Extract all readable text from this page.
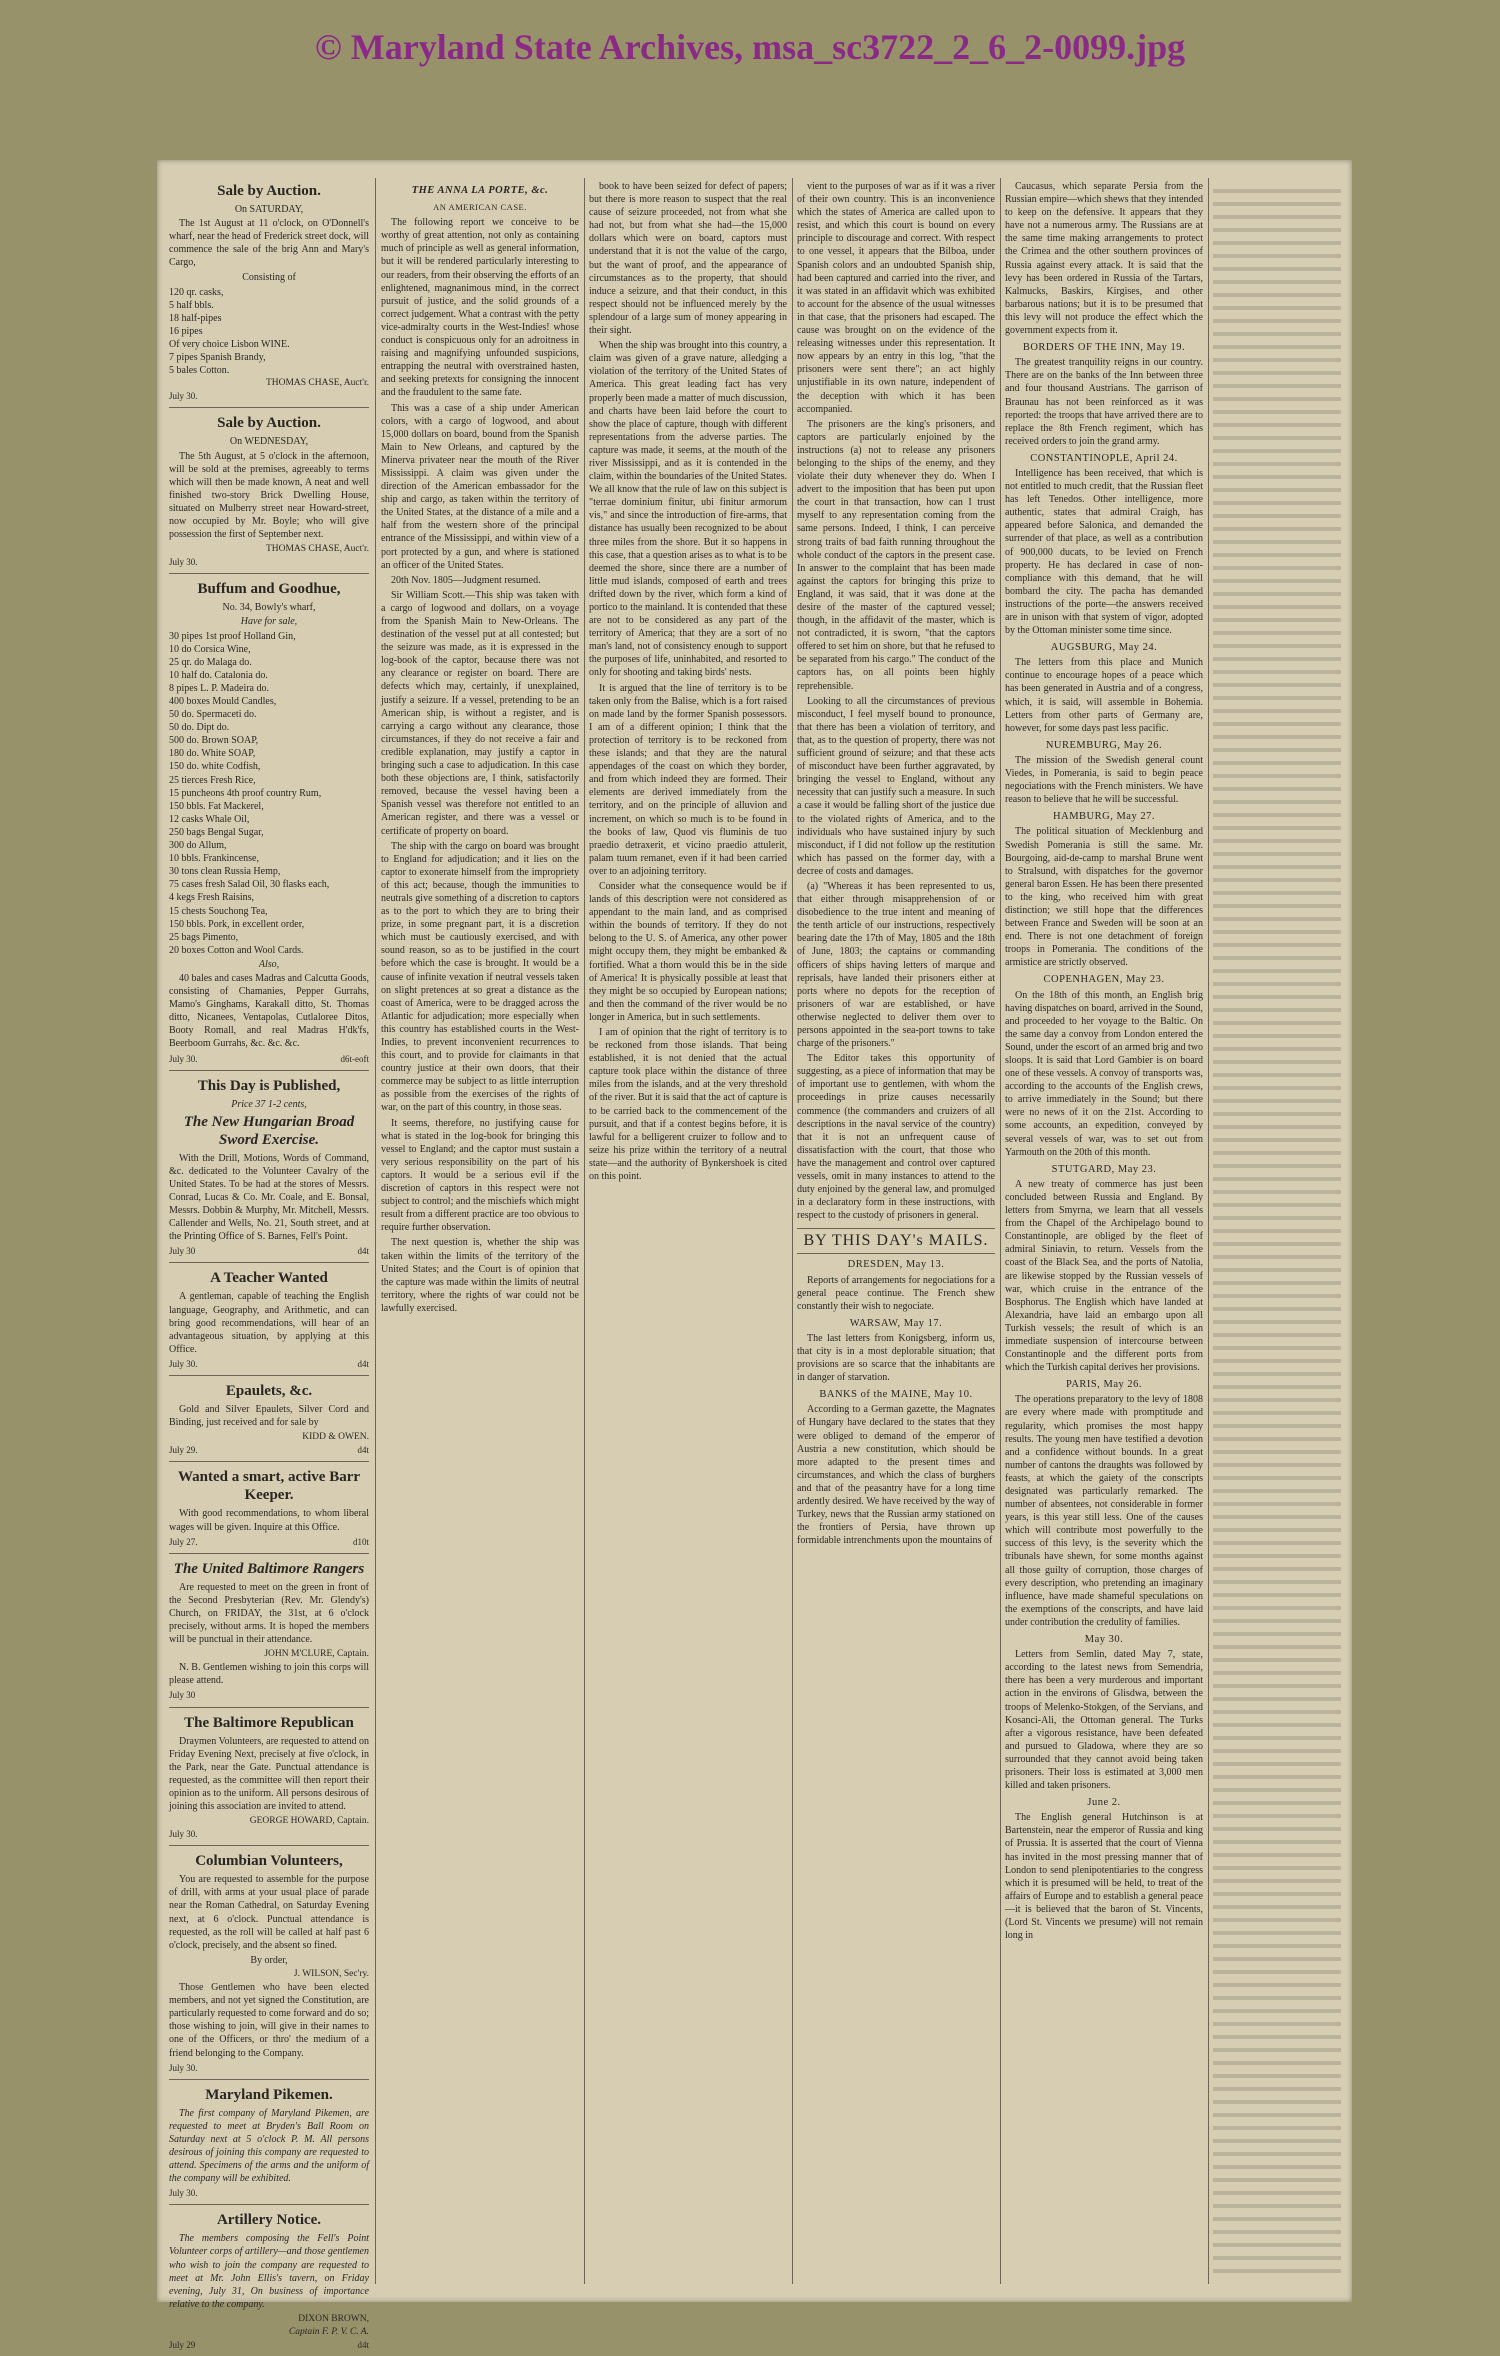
© Maryland State Archives, msa_sc3722_2_6_2-0099.jpg
Sale by Auction.
On SATURDAY,

The 1st August at 11 o'clock, on O'Donnell's wharf, near the head of Frederick street dock, will commence the sale of the brig Ann and Mary's Cargo,

Consisting of
120 qr. casks,
5 half bbls.
18 half-pipes
16 pipes
Of very choice Lisbon WINE.
7 pipes Spanish Brandy,
5 bales Cotton.
THOMAS CHASE, Auct'r.
July 30.
Sale by Auction.
On WEDNESDAY,

The 5th August, at 5 o'clock in the afternoon, will be sold at the premises, agreeably to terms which will then be made known, A neat and well finished two-story Brick Dwelling House, situated on Mulberry street near Howard-street, now occupied by Mr. Boyle; who will give possession the first of September next.

THOMAS CHASE, Auct'r.
July 30.
Buffum and Goodhue,
No. 34, Bowly's wharf,
Have for sale,
30 pipes 1st proof Holland Gin,
10 do Corsica Wine,
25 qr. do Malaga do.
10 half do. Catalonia do.
8 pipes L. P. Madeira do.
400 boxes Mould Candles,
50 do. Spermaceti do.
50 do. Dipt do.
500 do. Brown SOAP,
180 do. White SOAP,
150 do. white Codfish,
25 tierces Fresh Rice,
15 puncheons 4th proof country Rum,
150 bbls. Fat Mackerel,
12 casks Whale Oil,
250 bags Bengal Sugar,
300 do Allum,
10 bbls. Frankincense,
30 tons clean Russia Hemp,
75 cases fresh Salad Oil, 30 flasks each,
4 kegs Fresh Raisins,
15 chests Souchong Tea,
150 bbls. Pork, in excellent order,
25 bags Pimento,
20 boxes Cotton and Wool Cards.
Also,

40 bales and cases Madras and Calcutta Goods, consisting of Chamanies, Pepper Gurrahs, Mamo's Ginghams, Karakall ditto, St. Thomas ditto, Nicanees, Ventapolas, Cutlaloree Ditos, Booty Romall, and real Madras H'dk'fs, Beerboom Gurrahs, &c. &c. &c.

July 30.	d6t-eoft
This Day is Published,
Price 37 1-2 cents,
The New Hungarian Broad Sword Exercise.

With the Drill, Motions, Words of Command, &c. dedicated to the Volunteer Cavalry of the United States. To be had at the stores of Messrs. Conrad, Lucas & Co. Mr. Coale, and E. Bonsal, Messrs. Dobbin & Murphy, Mr. Mitchell, Messrs. Callender and Wells, No. 21, South street, and at the Printing Office of S. Barnes, Fell's Point.

July 30	d4t
A Teacher Wanted

A gentleman, capable of teaching the English language, Geography, and Arithmetic, and can bring good recommendations, will hear of an advantageous situation, by applying at this Office.

July 30.	d4t
Epaulets, &c.

Gold and Silver Epaulets, Silver Cord and Binding, just received and for sale by

KIDD & OWEN.
July 29.	d4t
Wanted a smart, active Barr Keeper.

With good recommendations, to whom liberal wages will be given. Inquire at this Office.

July 27.	d10t
The United Baltimore Rangers

Are requested to meet on the green in front of the Second Presbyterian (Rev. Mr. Glendy's) Church, on FRIDAY, the 31st, at 6 o'clock precisely, without arms. It is hoped the members will be punctual in their attendance.

JOHN M'CLURE, Captain.

N. B. Gentlemen wishing to join this corps will please attend.

July 30
The Baltimore Republican

Draymen Volunteers, are requested to attend on Friday Evening Next, precisely at five o'clock, in the Park, near the Gate. Punctual attendance is requested, as the committee will then report their opinion as to the uniform. All persons desirous of joining this association are invited to attend.

GEORGE HOWARD, Captain.
July 30.
Columbian Volunteers,

You are requested to assemble for the purpose of drill, with arms at your usual place of parade near the Roman Cathedral, on Saturday Evening next, at 6 o'clock. Punctual attendance is requested, as the roll will be called at half past 6 o'clock, precisely, and the absent so fined.

By order,
J. WILSON, Sec'ry.

Those Gentlemen who have been elected members, and not yet signed the Constitution, are particularly requested to come forward and do so; those wishing to join, will give in their names to one of the Officers, or thro' the medium of a friend belonging to the Company.

July 30.
Maryland Pikemen.

The first company of Maryland Pikemen, are requested to meet at Bryden's Ball Room on Saturday next at 5 o'clock P. M. All persons desirous of joining this company are requested to attend. Specimens of the arms and the uniform of the company will be exhibited.

July 30.
Artillery Notice.

The members composing the Fell's Point Volunteer corps of artillery—and those gentlemen who wish to join the company are requested to meet at Mr. John Ellis's tavern, on Friday evening, July 31, On business of importance relative to the company.

DIXON BROWN,
Captain F. P. V. C. A.
July 29	d4t
THE ANNA LA PORTE, &c.
AN AMERICAN CASE.

The following report we conceive to be worthy of great attention, not only as containing much of principle as well as general information, but it will be rendered particularly interesting to our readers, from their observing the efforts of an enlightened, magnanimous mind, in the correct pursuit of justice, and the solid grounds of a correct judgement. What a contrast with the petty vice-admiralty courts in the West-Indies! whose conduct is conspicuous only for an adroitness in raising and magnifying unfounded suspicions, entrapping the neutral with overstrained hasten, and seeking pretexts for consigning the innocent and the fraudulent to the same fate.

This was a case of a ship under American colors, with a cargo of logwood, and about 15,000 dollars on board, bound from the Spanish Main to New Orleans, and captured by the Minerva privateer near the mouth of the River Mississippi. A claim was given under the direction of the American embassador for the ship and cargo, as taken within the territory of the United States, at the distance of a mile and a half from the western shore of the principal entrance of the Mississippi, and within view of a port protected by a gun, and where is stationed an officer of the United States.

20th Nov. 1805—Judgment resumed.

Sir William Scott.—This ship was taken with a cargo of logwood and dollars, on a voyage from the Spanish Main to New-Orleans. The destination of the vessel put at all contested; but the seizure was made, as it is expressed in the log-book of the captor, because there was not any clearance or register on board. There are defects which may, certainly, if unexplained, justify a seizure. If a vessel, pretending to be an American ship, is without a register, and is carrying a cargo without any clearance, those circumstances, if they do not receive a fair and credible explanation, may justify a captor in bringing such a case to adjudication. In this case both these objections are, I think, satisfactorily removed, because the vessel having been a Spanish vessel was therefore not entitled to an American register, and there was a vessel or certificate of property on board.

The ship with the cargo on board was brought to England for adjudication; and it lies on the captor to exonerate himself from the impropriety of this act; because, though the immunities to neutrals give something of a discretion to captors as to the port to which they are to bring their prize, in some pregnant part, it is a discretion which must be cautiously exercised, and with sound reason, so as to be justified in the court before which the case is brought. It would be a cause of infinite vexation if neutral vessels taken on slight pretences at so great a distance as the coast of America, were to be dragged across the Atlantic for adjudication; more especially when this country has established courts in the West-Indies, to prevent inconvenient recurrences to this court, and to provide for claimants in that country justice at their own doors, that their commerce may be subject to as little interruption as possible from the exercises of the rights of war, on the part of this country, in those seas.

It seems, therefore, no justifying cause for what is stated in the log-book for bringing this vessel to England; and the captor must sustain a very serious responsibility on the part of his captors. It would be a serious evil if the discretion of captors in this respect were not subject to control; and the mischiefs which might result from a different practice are too obvious to require further observation.

The next question is, whether the ship was taken within the limits of the territory of the United States; and the Court is of opinion that the capture was made within the limits of neutral territory, where the rights of war could not be lawfully exercised.

book to have been seized for defect of papers; but there is more reason to suspect that the real cause of seizure proceeded, not from what she had not, but from what she had—the 15,000 dollars which were on board, captors must understand that it is not the value of the cargo, but the want of proof, and the appearance of circumstances as to the property, that should induce a seizure, and that their conduct, in this respect should not be influenced merely by the splendour of a large sum of money appearing in their sight.

When the ship was brought into this country, a claim was given of a grave nature, alledging a violation of the territory of the United States of America. This great leading fact has very properly been made a matter of much discussion, and charts have been laid before the court to show the place of capture, though with different representations from the adverse parties. The capture was made, it seems, at the mouth of the river Mississippi, and as it is contended in the claim, within the boundaries of the United States. We all know that the rule of law on this subject is "terrae dominium finitur, ubi finitur armorum vis," and since the introduction of fire-arms, that distance has usually been recognized to be about three miles from the shore. But it so happens in this case, that a question arises as to what is to be deemed the shore, since there are a number of little mud islands, composed of earth and trees drifted down by the river, which form a kind of portico to the mainland. It is contended that these are not to be considered as any part of the territory of America; that they are a sort of no man's land, not of consistency enough to support the purposes of life, uninhabited, and resorted to only for shooting and taking birds' nests.

It is argued that the line of territory is to be taken only from the Balise, which is a fort raised on made land by the former Spanish possessors. I am of a different opinion; I think that the protection of territory is to be reckoned from these islands; and that they are the natural appendages of the coast on which they border, and from which indeed they are formed. Their elements are derived immediately from the territory, and on the principle of alluvion and increment, on which so much is to be found in the books of law, Quod vis fluminis de tuo praedio detraxerit, et vicino praedio attulerit, palam tuum remanet, even if it had been carried over to an adjoining territory.

Consider what the consequence would be if lands of this description were not considered as appendant to the main land, and as comprised within the bounds of territory. If they do not belong to the U. S. of America, any other power might occupy them, they might be embanked & fortified. What a thorn would this be in the side of America! It is physically possible at least that they might be so occupied by European nations; and then the command of the river would be no longer in America, but in such settlements.

I am of opinion that the right of territory is to be reckoned from those islands. That being established, it is not denied that the actual capture took place within the distance of three miles from the islands, and at the very threshold of the river. But it is said that the act of capture is to be carried back to the commencement of the pursuit, and that if a contest begins before, it is lawful for a belligerent cruizer to follow and to seize his prize within the territory of a neutral state—and the authority of Bynkershoek is cited on this point.

vient to the purposes of war as if it was a river of their own country. This is an inconvenience which the states of America are called upon to resist, and which this court is bound on every principle to discourage and correct. With respect to one vessel, it appears that the Bilboa, under Spanish colors and an undoubted Spanish ship, had been captured and carried into the river, and it was stated in an affidavit which was exhibited to account for the absence of the usual witnesses in that case, that the prisoners had escaped. The cause was brought on on the evidence of the releasing witnesses under this representation. It now appears by an entry in this log, "that the prisoners were sent there"; an act highly unjustifiable in its own nature, independent of the deception with which it has been accompanied.

The prisoners are the king's prisoners, and captors are particularly enjoined by the instructions (a) not to release any prisoners belonging to the ships of the enemy, and they violate their duty whenever they do. When I advert to the imposition that has been put upon the court in that transaction, how can I trust myself to any representation coming from the same persons. Indeed, I think, I can perceive strong traits of bad faith running throughout the whole conduct of the captors in the present case. In answer to the complaint that has been made against the captors for bringing this prize to England, it was said, that it was done at the desire of the master of the captured vessel; though, in the affidavit of the master, which is not contradicted, it is sworn, "that the captors offered to set him on shore, but that he refused to be separated from his cargo." The conduct of the captors has, on all points been highly reprehensible.

Looking to all the circumstances of previous misconduct, I feel myself bound to pronounce, that there has been a violation of territory, and that, as to the question of property, there was not sufficient ground of seizure; and that these acts of misconduct have been further aggravated, by bringing the vessel to England, without any necessity that can justify such a measure. In such a case it would be falling short of the justice due to the violated rights of America, and to the individuals who have sustained injury by such misconduct, if I did not follow up the restitution which has passed on the former day, with a decree of costs and damages.

(a) "Whereas it has been represented to us, that either through misapprehension of or disobedience to the true intent and meaning of the tenth article of our instructions, respectively bearing date the 17th of May, 1805 and the 18th of June, 1803; the captains or commanding officers of ships having letters of marque and reprisals, have landed their prisoners either at ports where no depots for the reception of prisoners of war are established, or have otherwise neglected to deliver them over to persons appointed in the sea-port towns to take charge of the prisoners."

The Editor takes this opportunity of suggesting, as a piece of information that may be of important use to gentlemen, with whom the proceedings in prize causes necessarily commence (the commanders and cruizers of all descriptions in the naval service of the country) that it is not an unfrequent cause of dissatisfaction with the court, that those who have the management and control over captured vessels, omit in many instances to attend to the duty enjoined by the general law, and promulged in a declaratory form in these instructions, with respect to the custody of prisoners in general.

BY THIS DAY's MAILS.
DRESDEN, May 13.

Reports of arrangements for negociations for a general peace continue. The French shew constantly their wish to negociate.

WARSAW, May 17.

The last letters from Konigsberg, inform us, that city is in a most deplorable situation; that provisions are so scarce that the inhabitants are in danger of starvation.

BANKS of the MAINE, May 10.

According to a German gazette, the Magnates of Hungary have declared to the states that they were obliged to demand of the emperor of Austria a new constitution, which should be more adapted to the present times and circumstances, and which the class of burghers and that of the peasantry have for a long time ardently desired. We have received by the way of Turkey, news that the Russian army stationed on the frontiers of Persia, have thrown up formidable intrenchments upon the mountains of

Caucasus, which separate Persia from the Russian empire—which shews that they intended to keep on the defensive. It appears that they have not a numerous army. The Russians are at the same time making arrangements to protect the Crimea and the other southern provinces of Russia against every attack. It is said that the levy has been ordered in Russia of the Tartars, Kalmucks, Baskirs, Kirgises, and other barbarous nations; but it is to be presumed that this levy will not produce the effect which the government expects from it.

BORDERS OF THE INN, May 19.

The greatest tranquility reigns in our country. There are on the banks of the Inn between three and four thousand Austrians. The garrison of Braunau has not been reinforced as it was reported: the troops that have arrived there are to replace the 8th French regiment, which has received orders to join the grand army.

CONSTANTINOPLE, April 24.

Intelligence has been received, that which is not entitled to much credit, that the Russian fleet has left Tenedos. Other intelligence, more authentic, states that admiral Craigh, has appeared before Salonica, and demanded the surrender of that place, as well as a contribution of 900,000 ducats, to be levied on French property. He has declared in case of non-compliance with this demand, that he will bombard the city. The pacha has demanded instructions of the porte—the answers received are in unison with that system of vigor, adopted by the Ottoman minister some time since.

AUGSBURG, May 24.

The letters from this place and Munich continue to encourage hopes of a peace which has been generated in Austria and of a congress, which, it is said, will assemble in Bohemia. Letters from other parts of Germany are, however, for some days past less pacific.

NUREMBURG, May 26.

The mission of the Swedish general count Viedes, in Pomerania, is said to begin peace negociations with the French ministers. We have reason to believe that he will be successful.

HAMBURG, May 27.

The political situation of Mecklenburg and Swedish Pomerania is still the same. Mr. Bourgoing, aid-de-camp to marshal Brune went to Stralsund, with dispatches for the governor general baron Essen. He has been there presented to the king, who received him with great distinction; we still hope that the differences between France and Sweden will be soon at an end. There is not one detachment of foreign troops in Pomerania. The conditions of the armistice are strictly observed.

COPENHAGEN, May 23.

On the 18th of this month, an English brig having dispatches on board, arrived in the Sound, and proceeded to her voyage to the Baltic. On the same day a convoy from London entered the Sound, under the escort of an armed brig and two sloops. It is said that Lord Gambier is on board one of these vessels. A convoy of transports was, according to the accounts of the English crews, to arrive immediately in the Sound; but there were no news of it on the 21st. According to some accounts, an expedition, conveyed by several vessels of war, was to set out from Yarmouth on the 20th of this month.

STUTGARD, May 23.

A new treaty of commerce has just been concluded between Russia and England. By letters from Smyrna, we learn that all vessels from the Chapel of the Archipelago bound to Constantinople, are obliged by the fleet of admiral Siniavin, to return. Vessels from the coast of the Black Sea, and the ports of Natolia, are likewise stopped by the Russian vessels of war, which cruise in the entrance of the Bosphorus. The English which have landed at Alexandria, have laid an embargo upon all Turkish vessels; the result of which is an immediate suspension of intercourse between Constantinople and the different ports from which the Turkish capital derives her provisions.

PARIS, May 26.

The operations preparatory to the levy of 1808 are every where made with promptitude and regularity, which promises the most happy results. The young men have testified a devotion and a confidence without bounds. In a great number of cantons the draughts was followed by feasts, at which the gaiety of the conscripts designated was particularly remarked. The number of absentees, not considerable in former years, is this year still less. One of the causes which will contribute most powerfully to the success of this levy, is the severity which the tribunals have shewn, for some months against all those guilty of corruption, those charges of every description, who pretending an imaginary influence, have made shameful speculations on the exemptions of the conscripts, and have laid under contribution the credulity of families.

May 30.

Letters from Semlin, dated May 7, state, according to the latest news from Semendria, there has been a very murderous and important action in the environs of Glisdwa, between the troops of Melenko-Stokgen, of the Servians, and Kosanci-Ali, the Ottoman general. The Turks after a vigorous resistance, have been defeated and pursued to Gladowa, where they are so surrounded that they cannot avoid being taken prisoners. Their loss is estimated at 3,000 men killed and taken prisoners.

June 2.

The English general Hutchinson is at Bartenstein, near the emperor of Russia and king of Prussia. It is asserted that the court of Vienna has invited in the most pressing manner that of London to send plenipotentiaries to the congress which it is presumed will be held, to treat of the affairs of Europe and to establish a general peace—it is believed that the baron of St. Vincents, (Lord St. Vincents we presume) will not remain long in
